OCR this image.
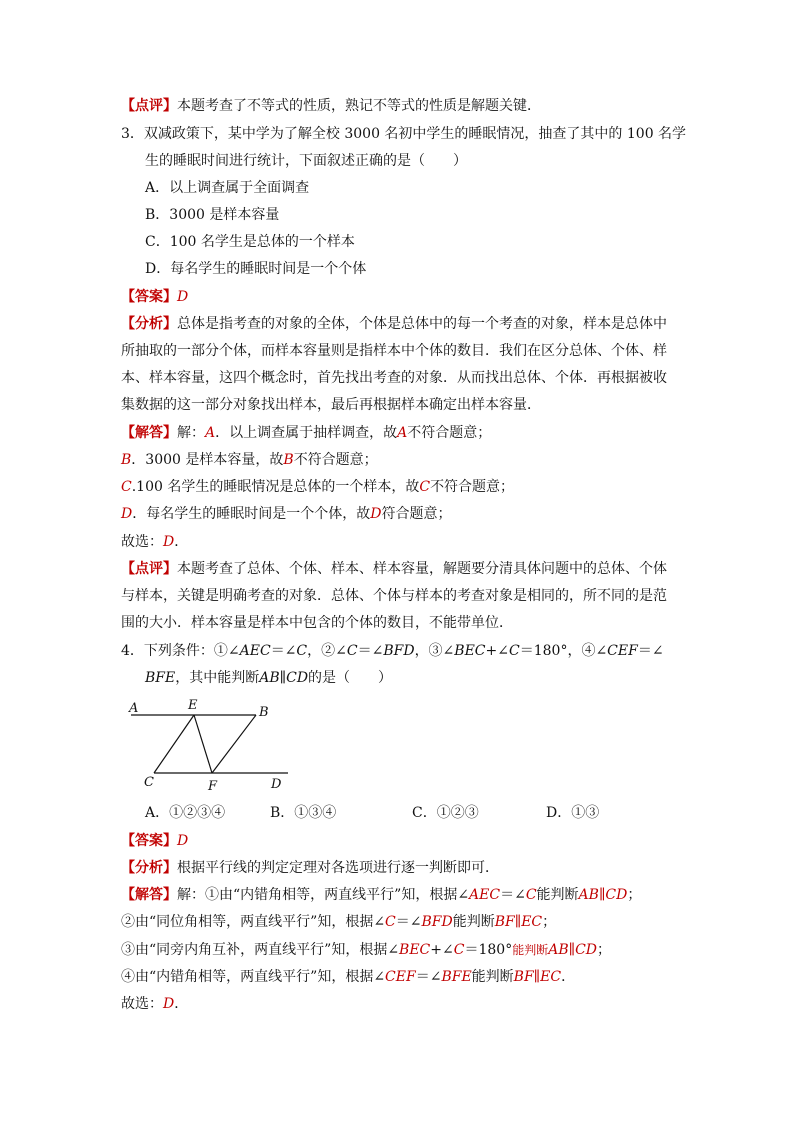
【点评】本题考查了不等式的性质，熟记不等式的性质是解题关键．
3．双减政策下，某中学为了解全校 3000 名初中学生的睡眠情况，抽查了其中的 100 名学
生的睡眠时间进行统计，下面叙述正确的是（　　）
A．以上调查属于全面调查
B．3000 是样本容量
C．100 名学生是总体的一个样本
D．每名学生的睡眠时间是一个个体
【答案】D
【分析】总体是指考查的对象的全体，个体是总体中的每一个考查的对象，样本是总体中
所抽取的一部分个体，而样本容量则是指样本中个体的数目．我们在区分总体、个体、样
本、样本容量，这四个概念时，首先找出考查的对象．从而找出总体、个体．再根据被收
集数据的这一部分对象找出样本，最后再根据样本确定出样本容量．
【解答】解：A．以上调查属于抽样调查，故A不符合题意；
B．3000 是样本容量，故B不符合题意；
C.100 名学生的睡眠情况是总体的一个样本，故C不符合题意；
D．每名学生的睡眠时间是一个个体，故D符合题意；
故选：D．
【点评】本题考查了总体、个体、样本、样本容量，解题要分清具体问题中的总体、个体
与样本，关键是明确考查的对象．总体、个体与样本的考查对象是相同的，所不同的是范
围的大小．样本容量是样本中包含的个体的数目，不能带单位．
4．下列条件：①∠AEC＝∠C，②∠C＝∠BFD，③∠BEC+∠C＝180°，④∠CEF＝∠
BFE，其中能判断AB∥CD的是（　　）
A	E	B
C	F	D
A．①②③④	B．①③④	C．①②③	D．①③
【答案】D
【分析】根据平行线的判定定理对各选项进行逐一判断即可．
【解答】解：①由“内错角相等，两直线平行”知，根据∠AEC＝∠C能判断AB∥CD；
②由“同位角相等，两直线平行”知，根据∠C＝∠BFD能判断BF∥EC；
③由“同旁内角互补，两直线平行”知，根据∠BEC+∠C＝180°能判断AB∥CD；
④由“内错角相等，两直线平行”知，根据∠CEF＝∠BFE能判断BF∥EC．
故选：D．
